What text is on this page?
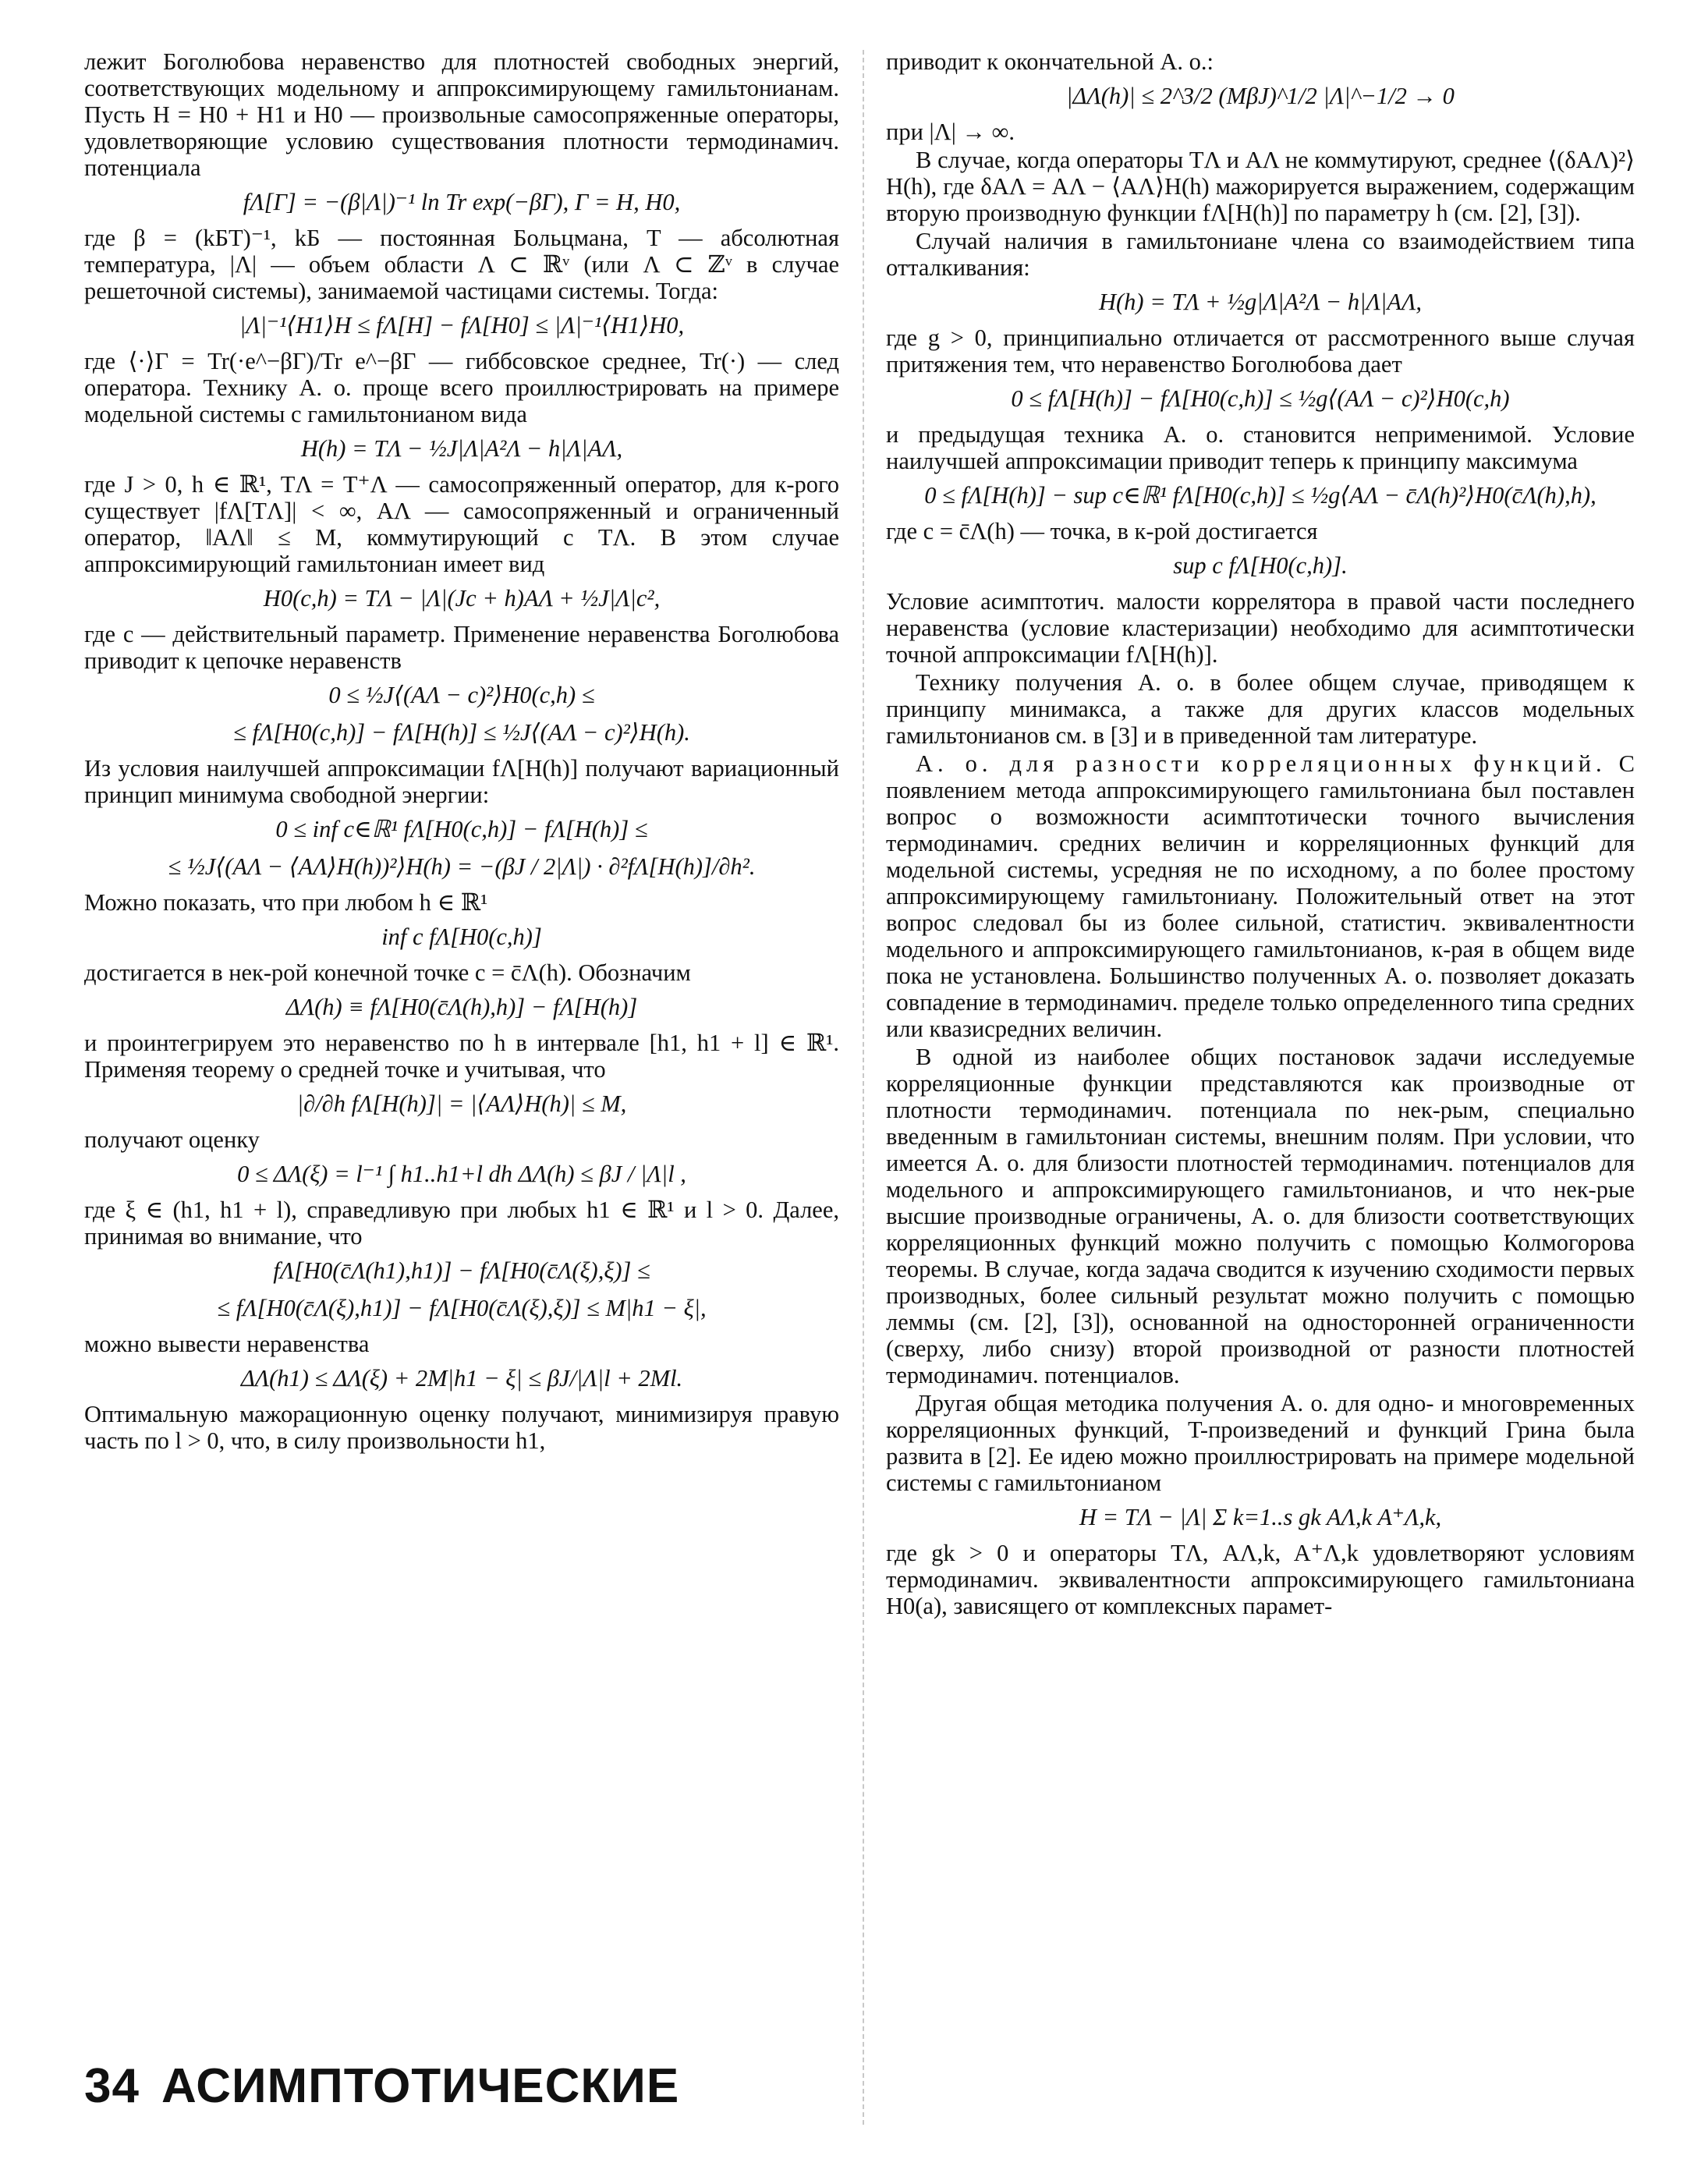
лежит Боголюбова неравенство для плотностей свободных энергий, соответствующих модельному и аппроксимирующему гамильтонианам. Пусть H = H0 + H1 и H0 — произвольные самосопряженные операторы, удовлетворяющие условию существования плотности термодинамич. потенциала

fΛ[Γ] = −(β|Λ|)⁻¹ ln Tr exp(−βΓ), Γ = H, H0,

где β = (kБT)⁻¹, kБ — постоянная Больцмана, T — абсолютная температура, |Λ| — объем области Λ ⊂ ℝᵛ (или Λ ⊂ ℤᵛ в случае решеточной системы), занимаемой частицами системы. Тогда:

|Λ|⁻¹⟨H1⟩H ≤ fΛ[H] − fΛ[H0] ≤ |Λ|⁻¹⟨H1⟩H0,

где ⟨·⟩Γ = Tr(·e^−βΓ)/Tr e^−βΓ — гиббсовское среднее, Tr(·) — след оператора. Технику А. о. проще всего проиллюстрировать на примере модельной системы с гамильтонианом вида

H(h) = TΛ − ½J|Λ|A²Λ − h|Λ|AΛ,

где J > 0, h ∈ ℝ¹, TΛ = T⁺Λ — самосопряженный оператор, для к-рого существует |fΛ[TΛ]| < ∞, AΛ — самосопряженный и ограниченный оператор, ‖AΛ‖ ≤ M, коммутирующий с TΛ. В этом случае аппроксимирующий гамильтониан имеет вид

H0(c,h) = TΛ − |Λ|(Jc + h)AΛ + ½J|Λ|c²,

где c — действительный параметр. Применение неравенства Боголюбова приводит к цепочке неравенств

0 ≤ ½J⟨(AΛ − c)²⟩H0(c,h) ≤
≤ fΛ[H0(c,h)] − fΛ[H(h)] ≤ ½J⟨(AΛ − c)²⟩H(h).

Из условия наилучшей аппроксимации fΛ[H(h)] получают вариационный принцип минимума свободной энергии:

0 ≤ inf c∈ℝ¹ fΛ[H0(c,h)] − fΛ[H(h)] ≤
≤ ½J⟨(AΛ − ⟨AΛ⟩H(h))²⟩H(h) = −(βJ / 2|Λ|) · ∂²fΛ[H(h)]/∂h².

Можно показать, что при любом h ∈ ℝ¹

inf c fΛ[H0(c,h)]

достигается в нек-рой конечной точке c = c̄Λ(h). Обозначим

ΔΛ(h) ≡ fΛ[H0(c̄Λ(h),h)] − fΛ[H(h)]

и проинтегрируем это неравенство по h в интервале [h1, h1 + l] ∈ ℝ¹. Применяя теорему о средней точке и учитывая, что

|∂/∂h fΛ[H(h)]| = |⟨AΛ⟩H(h)| ≤ M,

получают оценку

0 ≤ ΔΛ(ξ) = l⁻¹ ∫ h1..h1+l dh ΔΛ(h) ≤ βJ / |Λ|l ,

где ξ ∈ (h1, h1 + l), справедливую при любых h1 ∈ ℝ¹ и l > 0. Далее, принимая во внимание, что

fΛ[H0(c̄Λ(h1),h1)] − fΛ[H0(c̄Λ(ξ),ξ)] ≤
≤ fΛ[H0(c̄Λ(ξ),h1)] − fΛ[H0(c̄Λ(ξ),ξ)] ≤ M|h1 − ξ|,

можно вывести неравенства

ΔΛ(h1) ≤ ΔΛ(ξ) + 2M|h1 − ξ| ≤ βJ/|Λ|l + 2Ml.

Оптимальную мажорационную оценку получают, минимизируя правую часть по l > 0, что, в силу произвольности h1,

приводит к окончательной А. о.:

|ΔΛ(h)| ≤ 2^3/2 (MβJ)^1/2 |Λ|^−1/2 → 0

при |Λ| → ∞.

В случае, когда операторы TΛ и AΛ не коммутируют, среднее ⟨(δAΛ)²⟩H(h), где δAΛ = AΛ − ⟨AΛ⟩H(h) мажорируется выражением, содержащим вторую производную функции fΛ[H(h)] по параметру h (см. [2], [3]).

Случай наличия в гамильтониане члена со взаимодействием типа отталкивания:

H(h) = TΛ + ½g|Λ|A²Λ − h|Λ|AΛ,

где g > 0, принципиально отличается от рассмотренного выше случая притяжения тем, что неравенство Боголюбова дает

0 ≤ fΛ[H(h)] − fΛ[H0(c,h)] ≤ ½g⟨(AΛ − c)²⟩H0(c,h)

и предыдущая техника А. о. становится неприменимой. Условие наилучшей аппроксимации приводит теперь к принципу максимума

0 ≤ fΛ[H(h)] − sup c∈ℝ¹ fΛ[H0(c,h)] ≤ ½g⟨AΛ − c̄Λ(h)²⟩H0(c̄Λ(h),h),

где c = c̄Λ(h) — точка, в к-рой достигается

sup c fΛ[H0(c,h)].

Условие асимптотич. малости коррелятора в правой части последнего неравенства (условие кластеризации) необходимо для асимптотически точной аппроксимации fΛ[H(h)].

Технику получения А. о. в более общем случае, приводящем к принципу минимакса, а также для других классов модельных гамильтонианов см. в [3] и в приведенной там литературе.

А. о. для разности корреляционных функций. С появлением метода аппроксимирующего гамильтониана был поставлен вопрос о возможности асимптотически точного вычисления термодинамич. средних величин и корреляционных функций для модельной системы, усредняя не по исходному, а по более простому аппроксимирующему гамильтониану. Положительный ответ на этот вопрос следовал бы из более сильной, статистич. эквивалентности модельного и аппроксимирующего гамильтонианов, к-рая в общем виде пока не установлена. Большинство полученных А. о. позволяет доказать совпадение в термодинамич. пределе только определенного типа средних или квазисредних величин.

В одной из наиболее общих постановок задачи исследуемые корреляционные функции представляются как производные от плотности термодинамич. потенциала по нек-рым, специально введенным в гамильтониан системы, внешним полям. При условии, что имеется А. о. для близости плотностей термодинамич. потенциалов для модельного и аппроксимирующего гамильтонианов, и что нек-рые высшие производные ограничены, А. о. для близости соответствующих корреляционных функций можно получить с помощью Колмогорова теоремы. В случае, когда задача сводится к изучению сходимости первых производных, более сильный результат можно получить с помощью леммы (см. [2], [3]), основанной на односторонней ограниченности (сверху, либо снизу) второй производной от разности плотностей термодинамич. потенциалов.

Другая общая методика получения А. о. для одно- и многовременных корреляционных функций, T-произведений и функций Грина была развита в [2]. Ее идею можно проиллюстрировать на примере модельной системы с гамильтонианом

H = TΛ − |Λ| Σ k=1..s gk AΛ,k A⁺Λ,k,

где gk > 0 и операторы TΛ, AΛ,k, A⁺Λ,k удовлетворяют условиям термодинамич. эквивалентности аппроксимирующего гамильтониана H0(a), зависящего от комплексных парамет-

34 АСИМПТОТИЧЕСКИЕ
